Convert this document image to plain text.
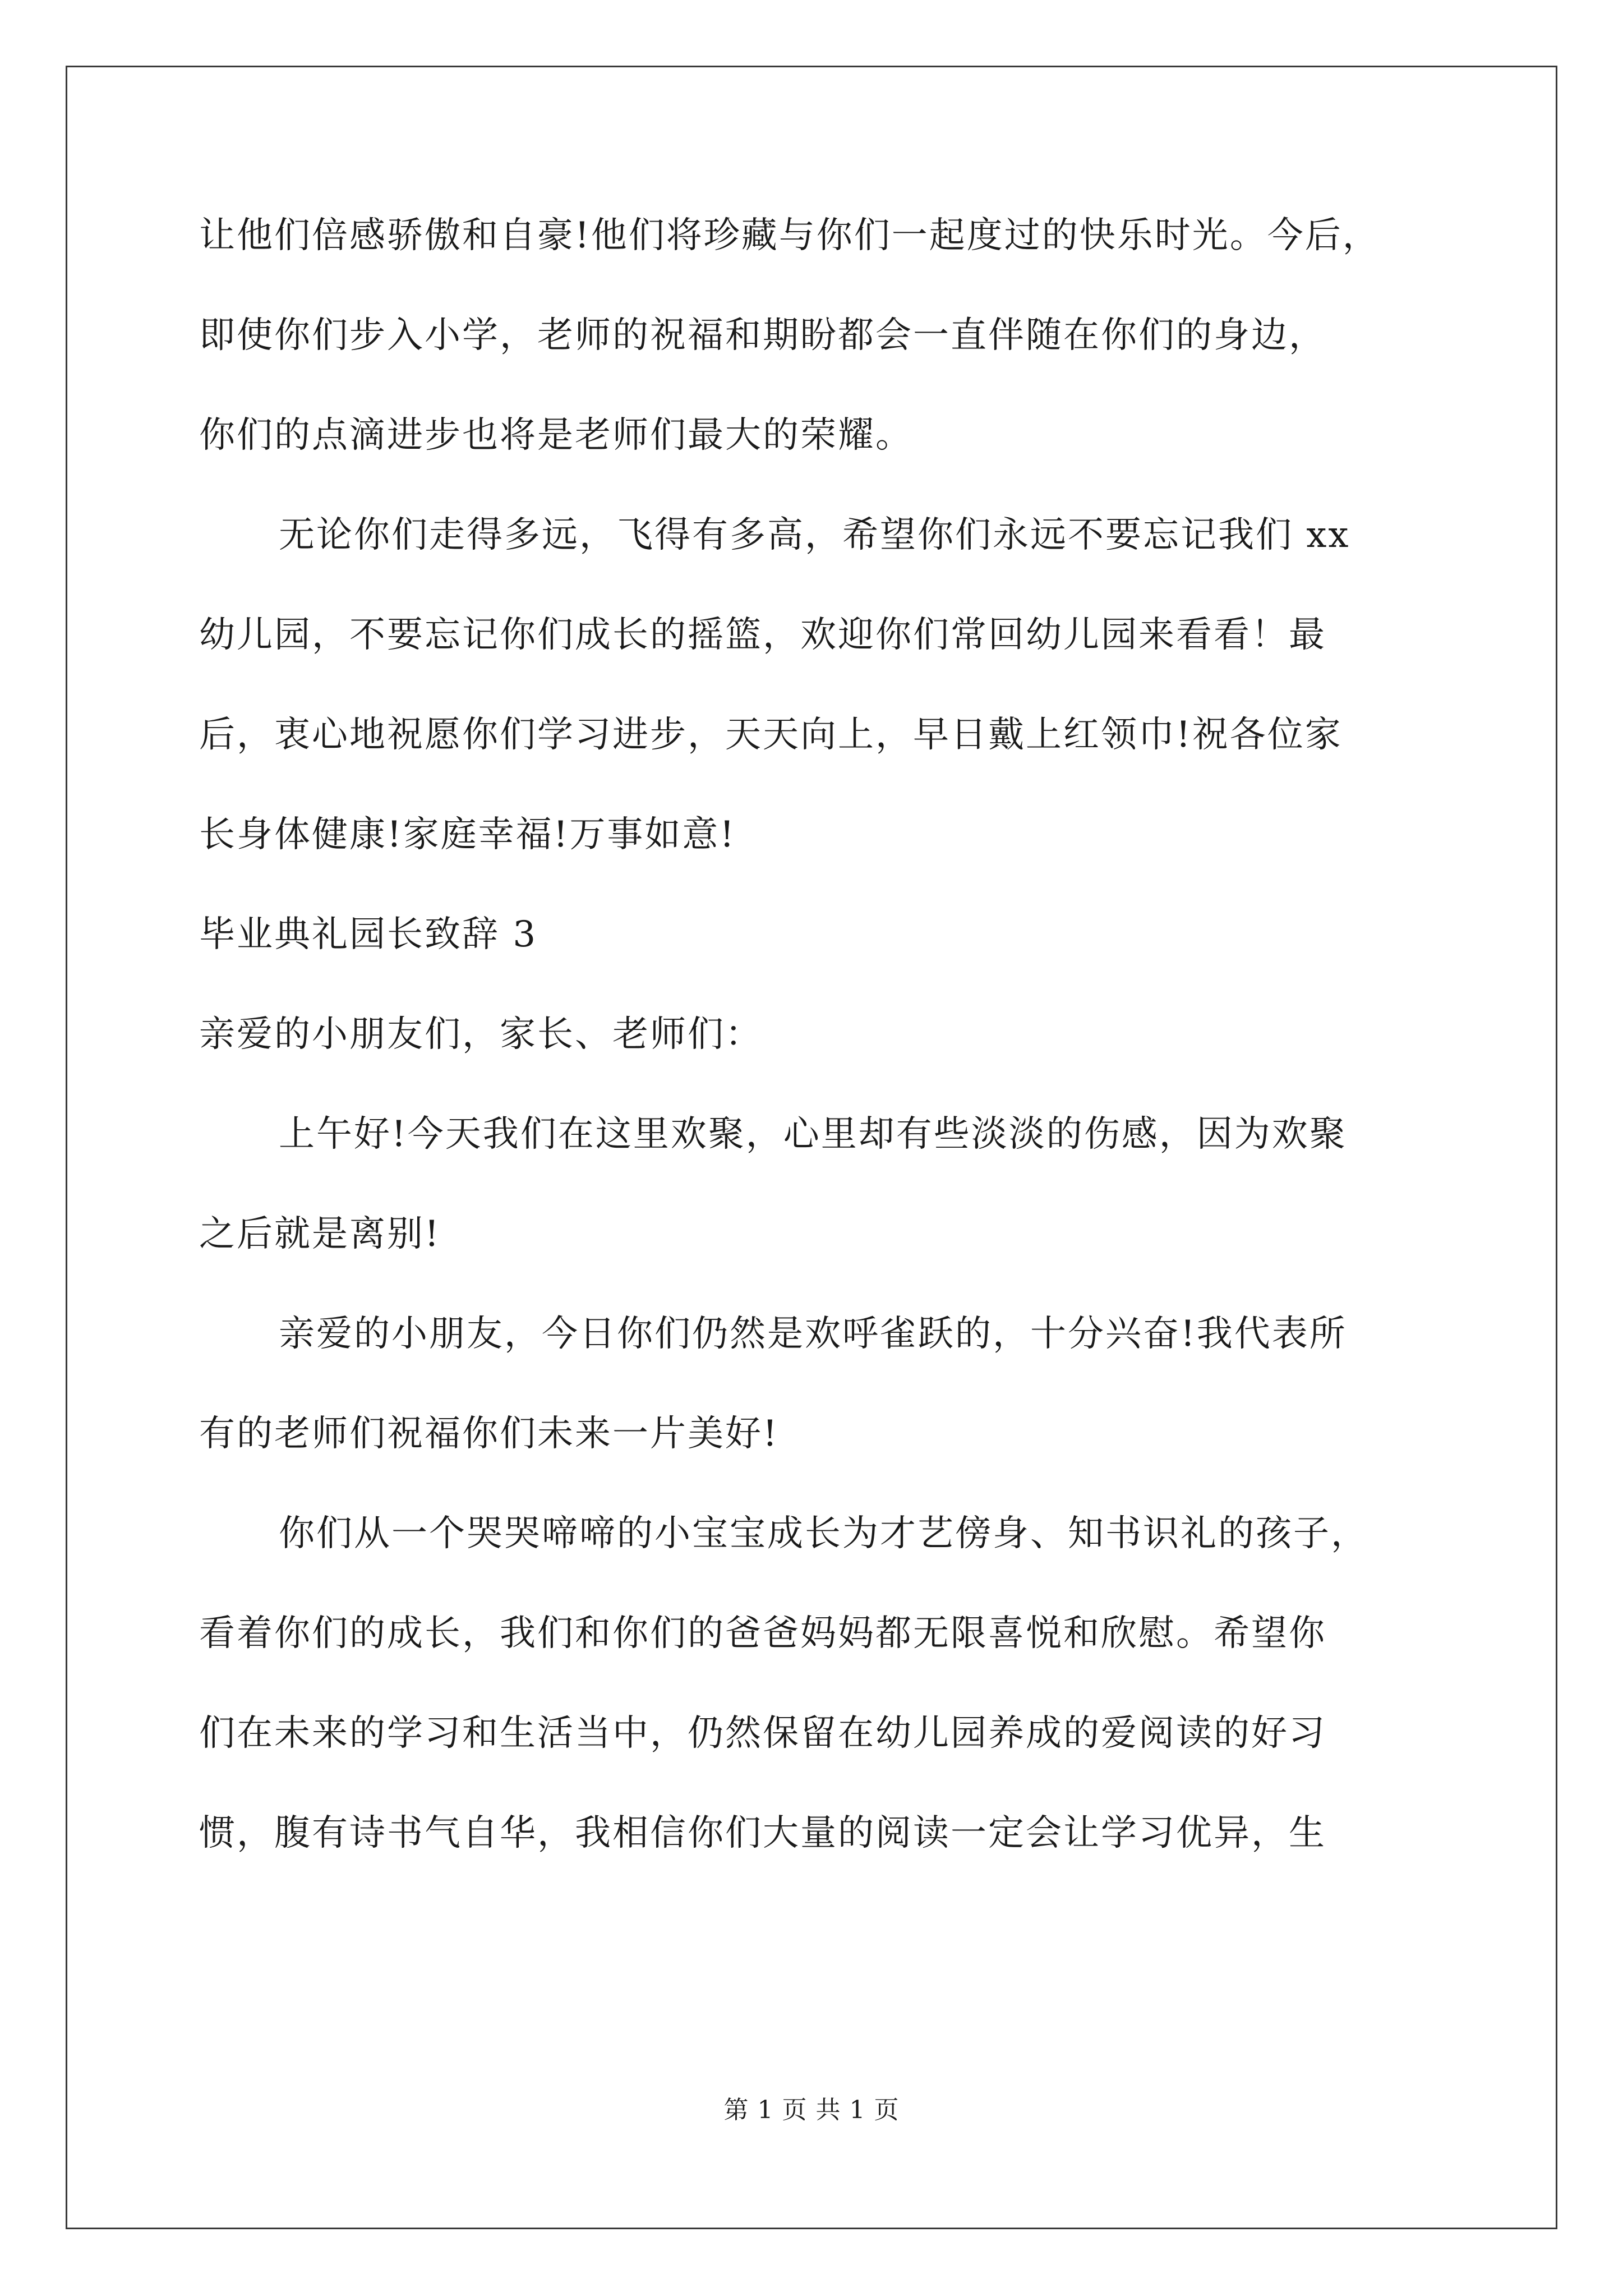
让他们倍感骄傲和自豪!他们将珍藏与你们一起度过的快乐时光。今后，
即使你们步入小学，老师的祝福和期盼都会一直伴随在你们的身边，
你们的点滴进步也将是老师们最大的荣耀。
无论你们走得多远，飞得有多高，希望你们永远不要忘记我们 xx
幼儿园，不要忘记你们成长的摇篮，欢迎你们常回幼儿园来看看！最
后，衷心地祝愿你们学习进步，天天向上，早日戴上红领巾!祝各位家
长身体健康!家庭幸福!万事如意!
毕业典礼园长致辞 3
亲爱的小朋友们，家长、老师们：
上午好!今天我们在这里欢聚，心里却有些淡淡的伤感，因为欢聚
之后就是离别!
亲爱的小朋友，今日你们仍然是欢呼雀跃的，十分兴奋!我代表所
有的老师们祝福你们未来一片美好!
你们从一个哭哭啼啼的小宝宝成长为才艺傍身、知书识礼的孩子，
看着你们的成长，我们和你们的爸爸妈妈都无限喜悦和欣慰。希望你
们在未来的学习和生活当中，仍然保留在幼儿园养成的爱阅读的好习
惯，腹有诗书气自华，我相信你们大量的阅读一定会让学习优异，生
第 1 页 共 1 页
